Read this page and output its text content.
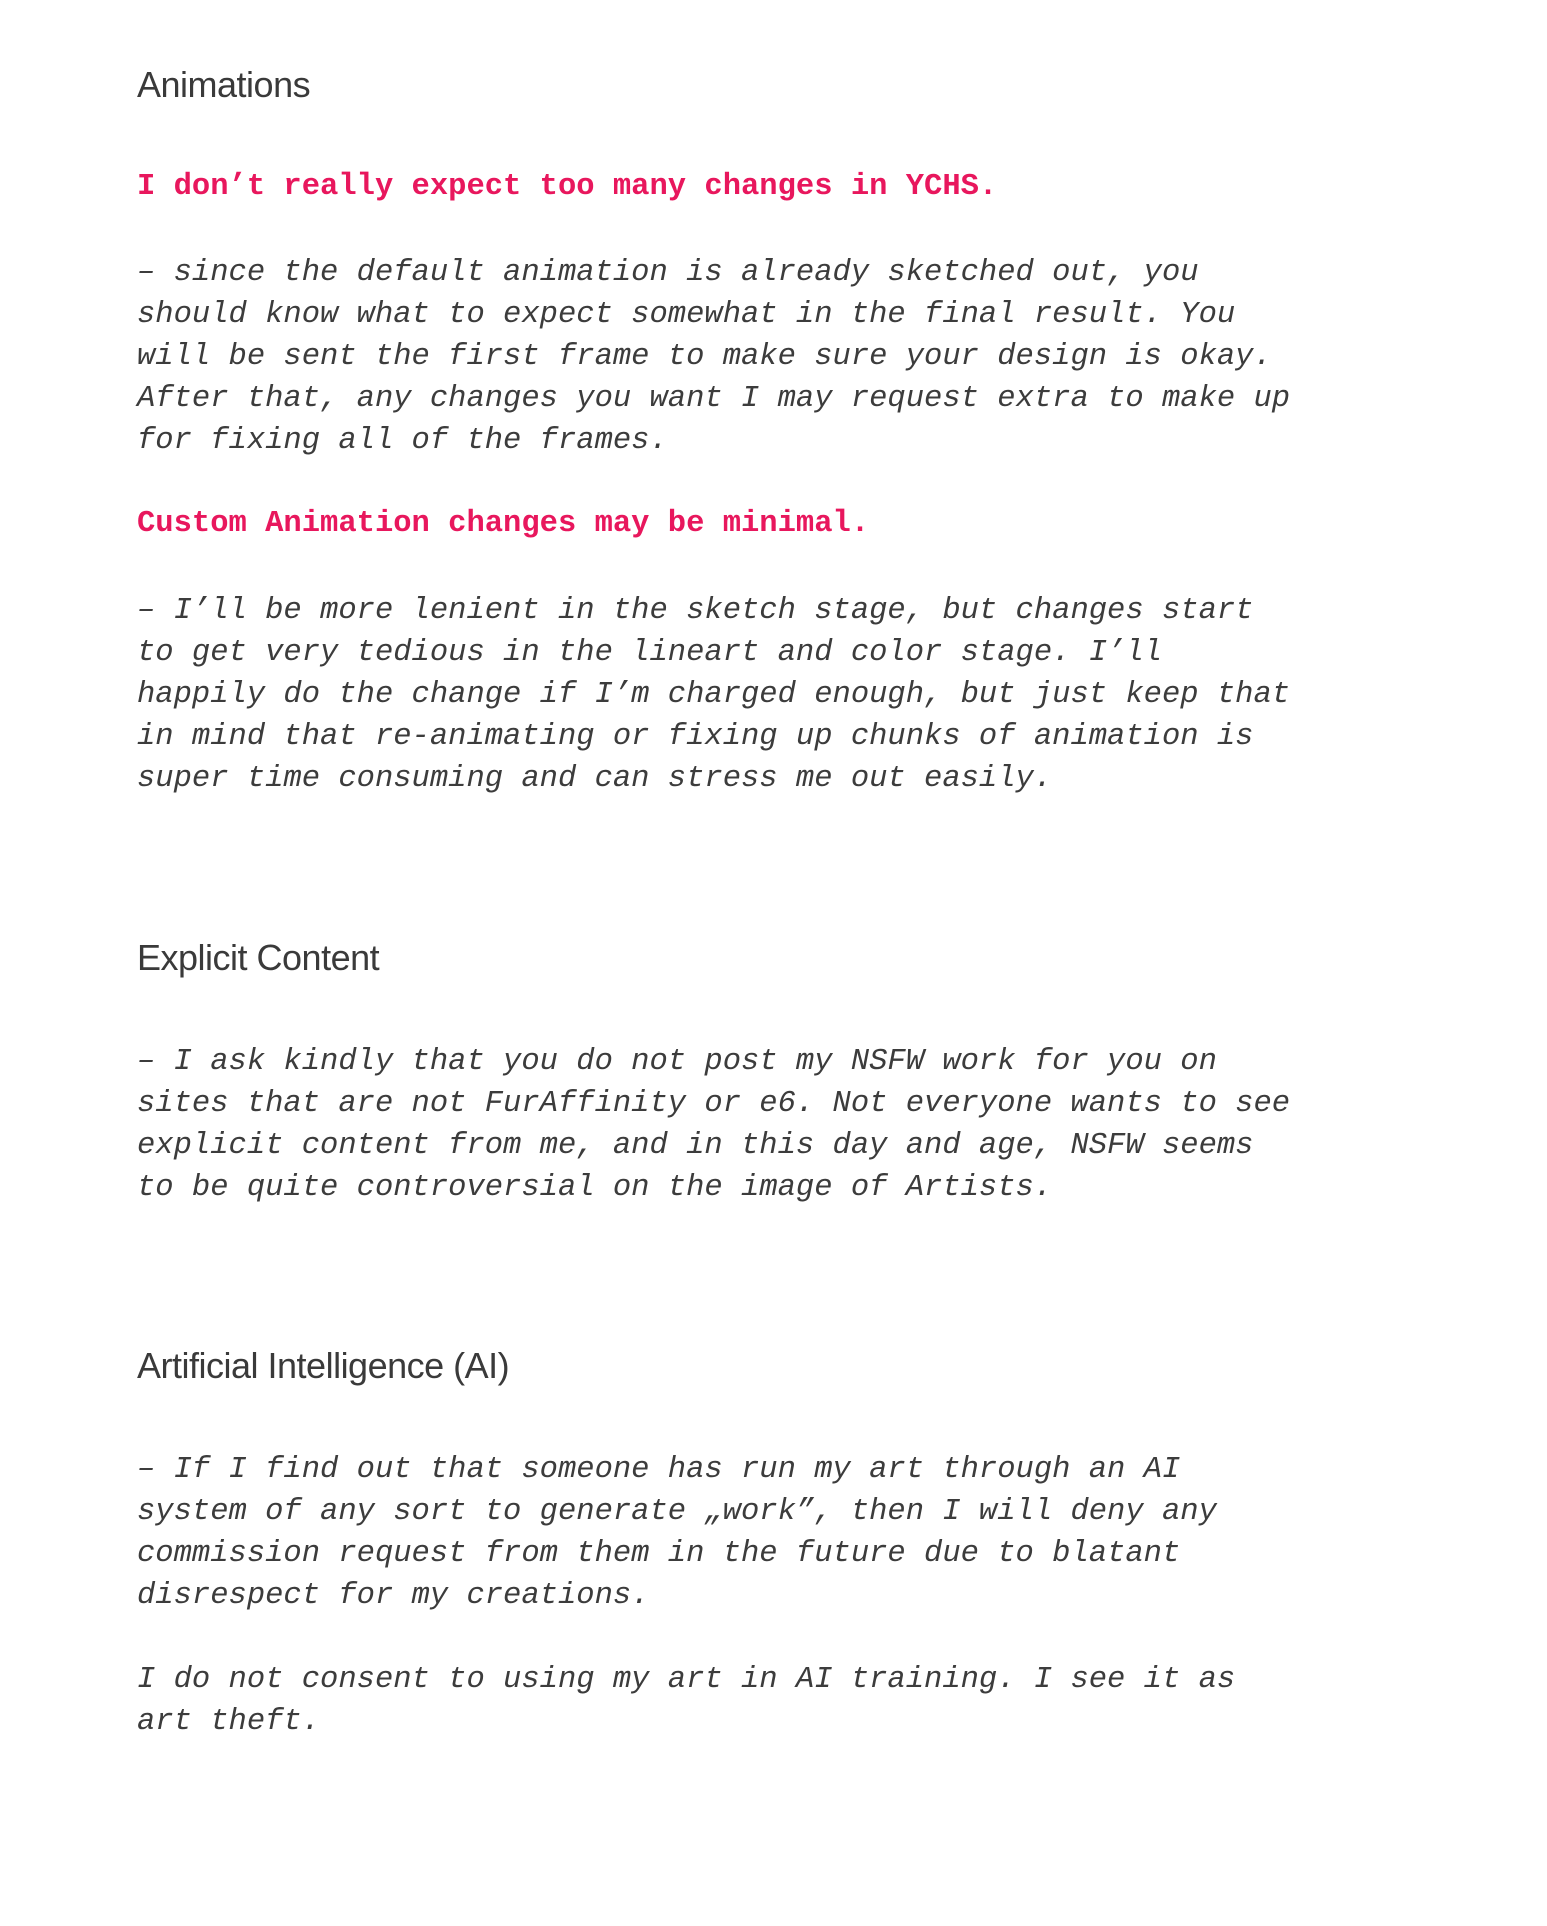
Animations

I don’t really expect too many changes in YCHS.

– since the default animation is already sketched out, you
should know what to expect somewhat in the final result. You
will be sent the first frame to make sure your design is okay.
After that, any changes you want I may request extra to make up
for fixing all of the frames.

Custom Animation changes may be minimal.

– I’ll be more lenient in the sketch stage, but changes start
to get very tedious in the lineart and color stage. I’ll
happily do the change if I’m charged enough, but just keep that
in mind that re-animating or fixing up chunks of animation is
super time consuming and can stress me out easily.
Explicit Content
– I ask kindly that you do not post my NSFW work for you on
sites that are not FurAffinity or e6. Not everyone wants to see
explicit content from me, and in this day and age, NSFW seems
to be quite controversial on the image of Artists.
Artificial Intelligence (AI)
– If I find out that someone has run my art through an AI
system of any sort to generate „work”, then I will deny any
commission request from them in the future due to blatant
disrespect for my creations.
I do not consent to using my art in AI training. I see it as
art theft.
